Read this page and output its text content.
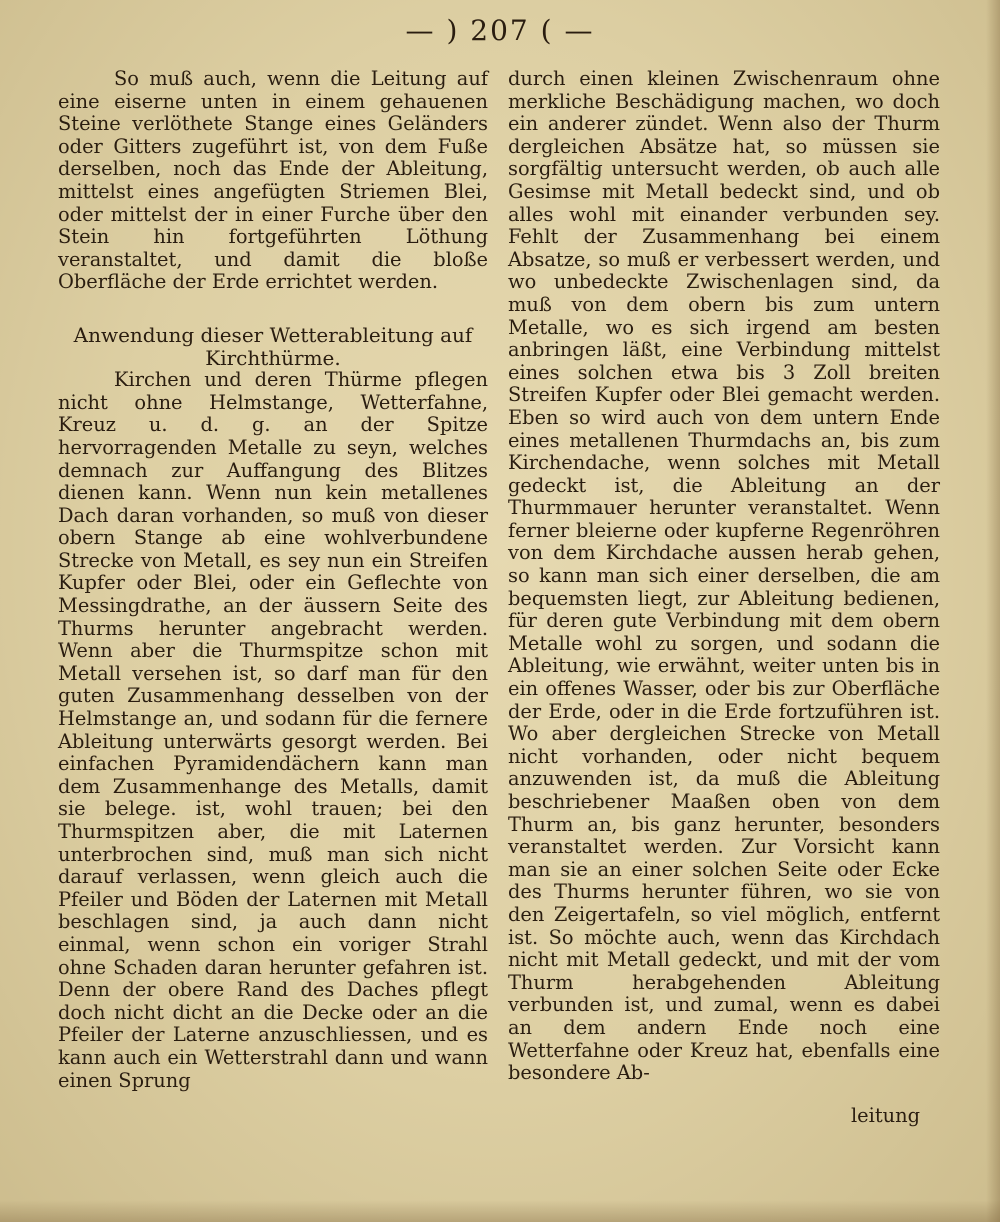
— ) 207 ( —

So muß auch, wenn die Leitung auf eine eiserne unten in einem gehauenen Steine verlöthete Stange eines Geländers oder Gitters zugeführt ist, von dem Fuße derselben, noch das Ende der Ableitung, mittelst eines angefügten Striemen Blei, oder mittelst der in einer Furche über den Stein hin fortgeführten Löthung veranstaltet, und damit die bloße Oberfläche der Erde errichtet werden.

Anwendung dieser Wetterableitung auf Kirchthürme.

Kirchen und deren Thürme pflegen nicht ohne Helmstange, Wetterfahne, Kreuz u. d. g. an der Spitze hervorragenden Metalle zu seyn, welches demnach zur Auffangung des Blitzes dienen kann. Wenn nun kein metallenes Dach daran vorhanden, so muß von dieser obern Stange ab eine wohlverbundene Strecke von Metall, es sey nun ein Streifen Kupfer oder Blei, oder ein Geflechte von Messingdrathe, an der äussern Seite des Thurms herunter angebracht werden. Wenn aber die Thurmspitze schon mit Metall versehen ist, so darf man für den guten Zusammenhang desselben von der Helmstange an, und sodann für die fernere Ableitung unterwärts gesorgt werden. Bei einfachen Pyramidendächern kann man dem Zusammenhange des Metalls, damit sie belege. ist, wohl trauen; bei den Thurmspitzen aber, die mit Laternen unterbrochen sind, muß man sich nicht darauf verlassen, wenn gleich auch die Pfeiler und Böden der Laternen mit Metall beschlagen sind, ja auch dann nicht einmal, wenn schon ein voriger Strahl ohne Schaden daran herunter gefahren ist. Denn der obere Rand des Daches pflegt doch nicht dicht an die Decke oder an die Pfeiler der Laterne anzuschliessen, und es kann auch ein Wetterstrahl dann und wann einen Sprung

durch einen kleinen Zwischenraum ohne merkliche Beschädigung machen, wo doch ein anderer zündet. Wenn also der Thurm dergleichen Absätze hat, so müssen sie sorgfältig untersucht werden, ob auch alle Gesimse mit Metall bedeckt sind, und ob alles wohl mit einander verbunden sey. Fehlt der Zusammenhang bei einem Absatze, so muß er verbessert werden, und wo unbedeckte Zwischenlagen sind, da muß von dem obern bis zum untern Metalle, wo es sich irgend am besten anbringen läßt, eine Verbindung mittelst eines solchen etwa bis 3 Zoll breiten Streifen Kupfer oder Blei gemacht werden. Eben so wird auch von dem untern Ende eines metallenen Thurmdachs an, bis zum Kirchendache, wenn solches mit Metall gedeckt ist, die Ableitung an der Thurmmauer herunter veranstaltet. Wenn ferner bleierne oder kupferne Regenröhren von dem Kirchdache aussen herab gehen, so kann man sich einer derselben, die am bequemsten liegt, zur Ableitung bedienen, für deren gute Verbindung mit dem obern Metalle wohl zu sorgen, und sodann die Ableitung, wie erwähnt, weiter unten bis in ein offenes Wasser, oder bis zur Oberfläche der Erde, oder in die Erde fortzuführen ist. Wo aber dergleichen Strecke von Metall nicht vorhanden, oder nicht bequem anzuwenden ist, da muß die Ableitung beschriebener Maaßen oben von dem Thurm an, bis ganz herunter, besonders veranstaltet werden. Zur Vorsicht kann man sie an einer solchen Seite oder Ecke des Thurms herunter führen, wo sie von den Zeigertafeln, so viel möglich, entfernt ist. So möchte auch, wenn das Kirchdach nicht mit Metall gedeckt, und mit der vom Thurm herabgehenden Ableitung verbunden ist, und zumal, wenn es dabei an dem andern Ende noch eine Wetterfahne oder Kreuz hat, ebenfalls eine besondere Ab-

leitung
